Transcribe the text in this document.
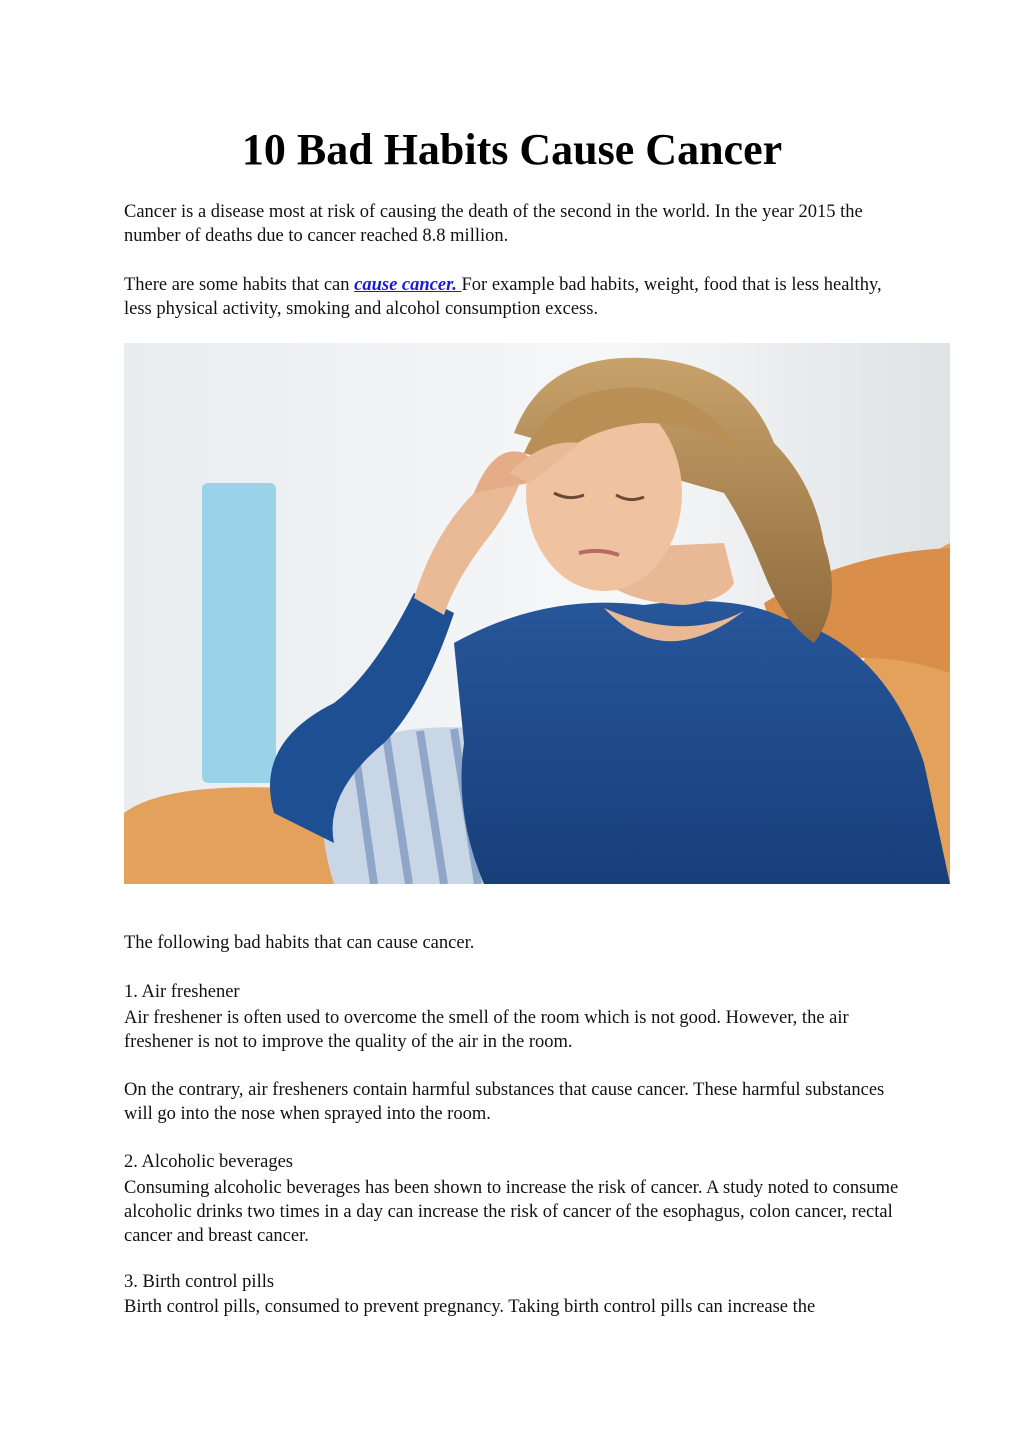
10 Bad Habits Cause Cancer

Cancer is a disease most at risk of causing the death of the second in the world. In the year 2015 the number of deaths due to cancer reached 8.8 million.

There are some habits that can cause cancer. For example bad habits, weight, food that is less healthy, less physical activity, smoking and alcohol consumption excess.

The following bad habits that can cause cancer.

1. Air freshener

Air freshener is often used to overcome the smell of the room which is not good. However, the air freshener is not to improve the quality of the air in the room.

On the contrary, air fresheners contain harmful substances that cause cancer. These harmful substances will go into the nose when sprayed into the room.

2. Alcoholic beverages

Consuming alcoholic beverages has been shown to increase the risk of cancer. A study noted to consume alcoholic drinks two times in a day can increase the risk of cancer of the esophagus, colon cancer, rectal cancer and breast cancer.

3. Birth control pills

Birth control pills, consumed to prevent pregnancy. Taking birth control pills can increase the
